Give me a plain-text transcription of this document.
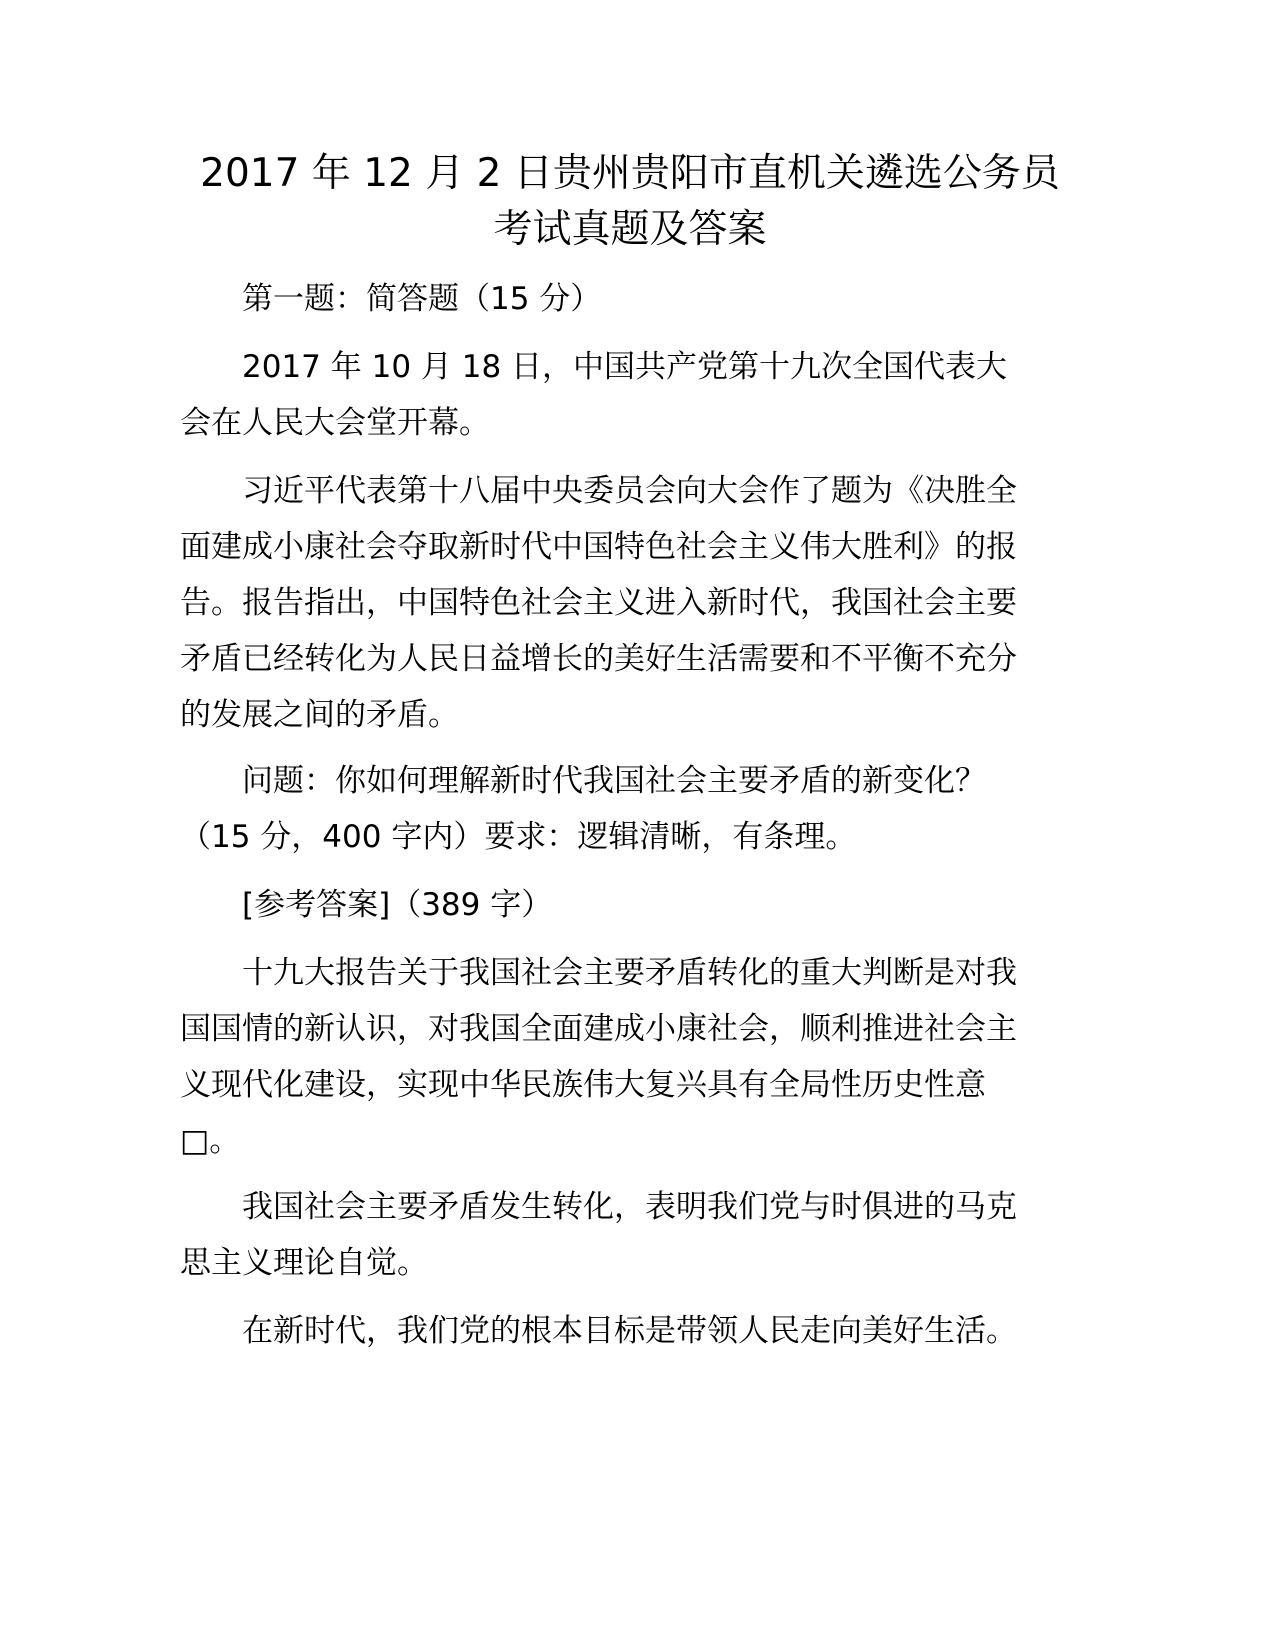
2017 年 12 月 2 日贵州贵阳市直机关遴选公务员
考试真题及答案

第一题：简答题（15 分）

2017 年 10 月 18 日，中国共产党第十九次全国代表大

会在人民大会堂开幕。

习近平代表第十八届中央委员会向大会作了题为《决胜全

面建成小康社会夺取新时代中国特色社会主义伟大胜利》的报

告。报告指出，中国特色社会主义进入新时代，我国社会主要

矛盾已经转化为人民日益增长的美好生活需要和不平衡不充分

的发展之间的矛盾。

问题：你如何理解新时代我国社会主要矛盾的新变化？

（15 分，400 字内）要求：逻辑清晰，有条理。

[参考答案]（389 字）

十九大报告关于我国社会主要矛盾转化的重大判断是对我

国国情的新认识，对我国全面建成小康社会，顺利推进社会主

义现代化建设，实现中华民族伟大复兴具有全局性历史性意

□。

我国社会主要矛盾发生转化，表明我们党与时俱进的马克

思主义理论自觉。

在新时代，我们党的根本目标是带领人民走向美好生活。
